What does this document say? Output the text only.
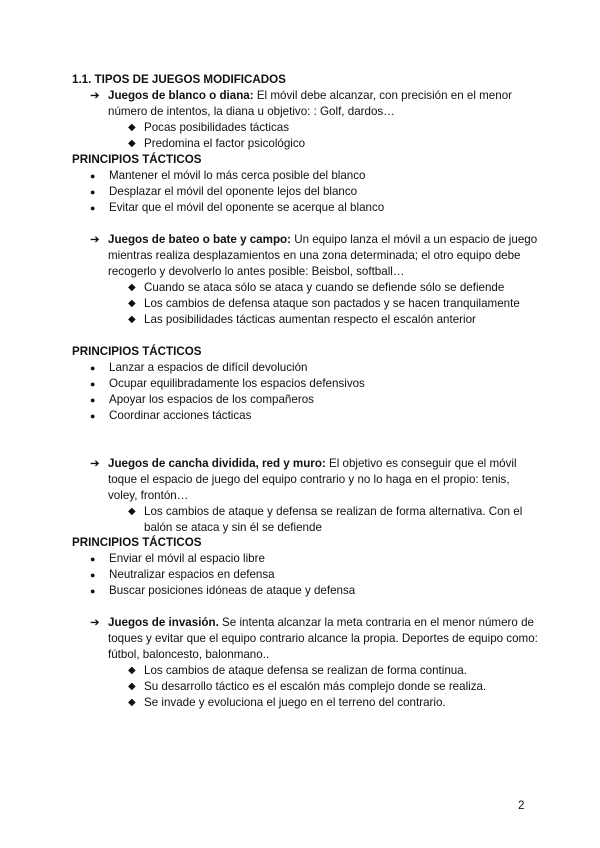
1.1. TIPOS DE JUEGOS MODIFICADOS
➔ Juegos de blanco o diana: El móvil debe alcanzar, con precisión en el menor número de intentos, la diana u objetivo: : Golf, dardos…
◆ Pocas posibilidades tácticas
◆ Predomina el factor psicológico
PRINCIPIOS TÁCTICOS
● Mantener el móvil lo más cerca posible del blanco
● Desplazar el móvil del oponente lejos del blanco
● Evitar que el móvil del oponente se acerque al blanco
➔ Juegos de bateo o bate y campo: Un equipo lanza el móvil a un espacio de juego mientras realiza desplazamientos en una zona determinada; el otro equipo debe recogerlo y devolverlo lo antes posible: Beisbol, softball…
◆ Cuando se ataca sólo se ataca y cuando se defiende sólo se defiende
◆ Los cambios de defensa ataque son pactados y se hacen tranquilamente
◆ Las posibilidades tácticas aumentan respecto el escalón anterior
PRINCIPIOS TÁCTICOS
● Lanzar a espacios de difícil devolución
● Ocupar equilibradamente los espacios defensivos
● Apoyar los espacios de los compañeros
● Coordinar acciones tácticas
➔ Juegos de cancha dividida, red y muro: El objetivo es conseguir que el móvil toque el espacio de juego del equipo contrario y no lo haga en el propio: tenis, voley, frontón…
◆ Los cambios de ataque y defensa se realizan de forma alternativa. Con el balón se ataca y sin él se defiende
PRINCIPIOS TÁCTICOS
● Enviar el móvil al espacio libre
● Neutralizar espacios en defensa
● Buscar posiciones idóneas de ataque y defensa
➔ Juegos de invasión. Se intenta alcanzar la meta contraria en el menor número de toques y evitar que el equipo contrario alcance la propia. Deportes de equipo como: fútbol, baloncesto, balonmano..
◆ Los cambios de ataque defensa se realizan de forma continua.
◆ Su desarrollo táctico es el escalón más complejo donde se realiza.
◆ Se invade y evoluciona el juego en el terreno del contrario.
2
